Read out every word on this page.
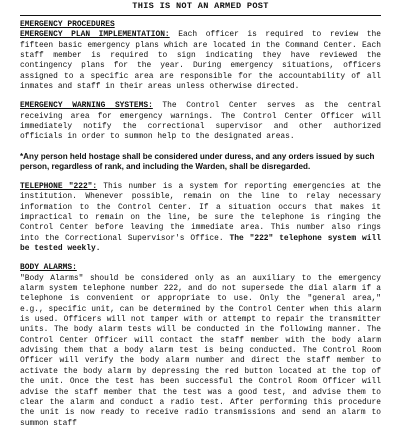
THIS IS NOT AN ARMED POST
EMERGENCY PROCEDURES

EMERGENCY PLAN IMPLEMENTATION: Each officer is required to review the fifteen basic emergency plans which are located in the Command Center. Each staff member is required to sign indicating they have reviewed the contingency plans for the year. During emergency situations, officers assigned to a specific area are responsible for the accountability of all inmates and staff in their areas unless otherwise directed.

EMERGENCY WARNING SYSTEMS: The Control Center serves as the central receiving area for emergency warnings. The Control Center Officer will immediately notify the correctional supervisor and other authorized officials in order to summon help to the designated areas.

*Any person held hostage shall be considered under duress, and any orders issued by such person, regardless of rank, and including the Warden, shall be disregarded.

TELEPHONE "222": This number is a system for reporting emergencies at the institution. Whenever possible, remain on the line to relay necessary information to the Control Center. If a situation occurs that makes it impractical to remain on the line, be sure the telephone is ringing the Control Center before leaving the immediate area. This number also rings into the Correctional Supervisor's Office. The "222" telephone system will be tested weekly.

BODY ALARMS:

"Body Alarms" should be considered only as an auxiliary to the emergency alarm system telephone number 222, and do not supersede the dial alarm if a telephone is convenient or appropriate to use. Only the "general area," e.g., specific unit, can be determined by the Control Center when this alarm is used. Officers will not tamper with or attempt to repair the transmitter units. The body alarm tests will be conducted in the following manner. The Control Center Officer will contact the staff member with the body alarm advising them that a body alarm test is being conducted. The Control Room Officer will verify the body alarm number and direct the staff member to activate the body alarm by depressing the red button located at the top of the unit. Once the test has been successful the Control Room Officer will advise the staff member that the test was a good test, and advise them to clear the alarm and conduct a radio test. After performing this procedure the unit is now ready to receive radio transmissions and send an alarm to summon staff
